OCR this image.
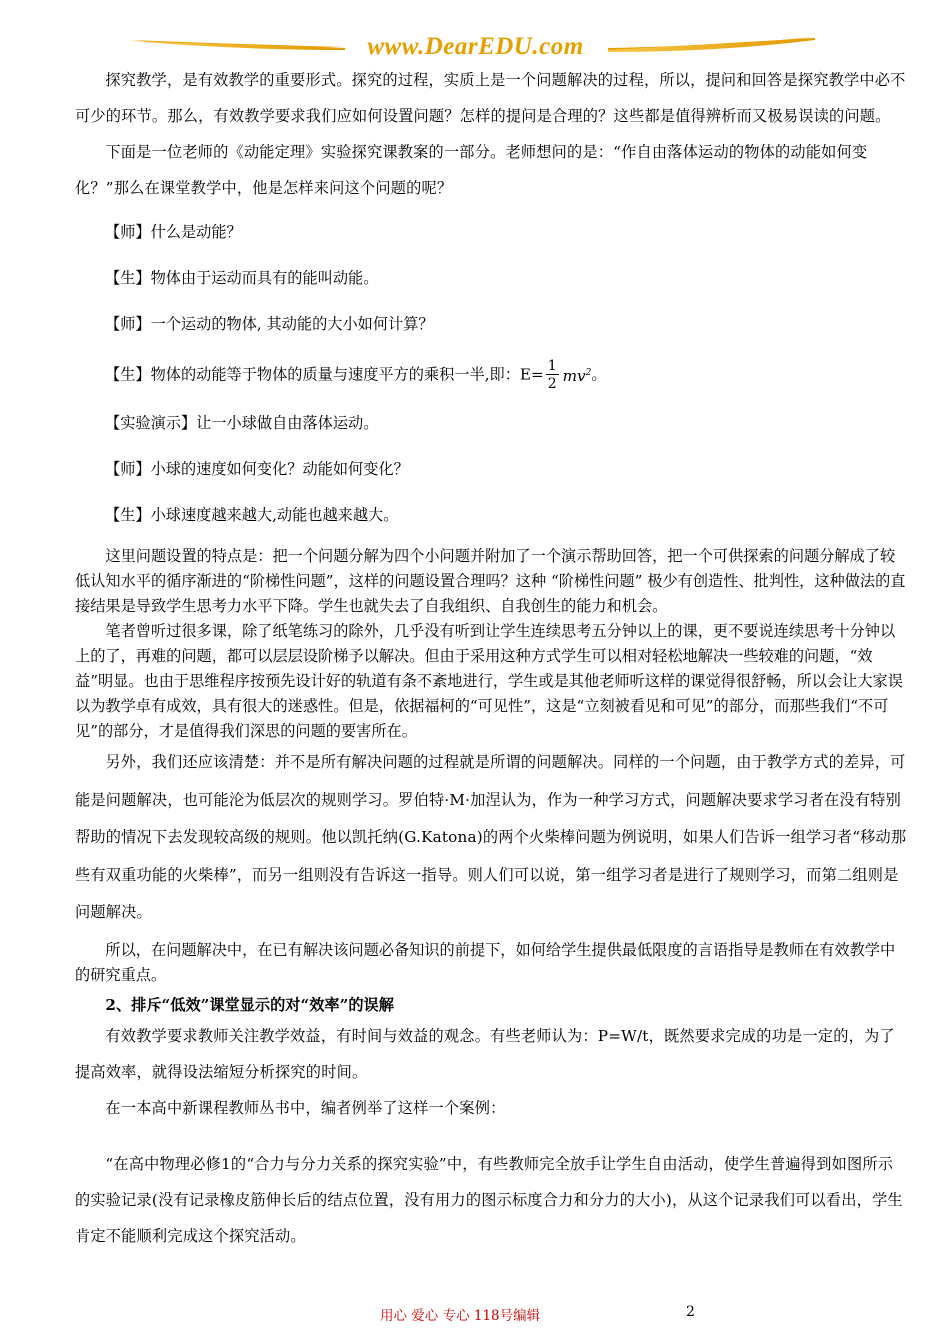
www.DearEDU.com

探究教学，是有效教学的重要形式。探究的过程，实质上是一个问题解决的过程，所以，提问和回答是探究教学中必不可少的环节。那么，有效教学要求我们应如何设置问题？怎样的提问是合理的？这些都是值得辨析而又极易误读的问题。

下面是一位老师的《动能定理》实验探究课教案的一部分。老师想问的是：“作自由落体运动的物体的动能如何变化？”那么在课堂教学中，他是怎样来问这个问题的呢？

【师】什么是动能？

【生】物体由于运动而具有的能叫动能。

【师】一个运动的物体, 其动能的大小如何计算？

【生】物体的动能等于物体的质量与速度平方的乘积一半,即：$E= \frac{1}{2} mv^2$。

【实验演示】让一小球做自由落体运动。

【师】小球的速度如何变化？动能如何变化？

【生】小球速度越来越大,动能也越来越大。

这里问题设置的特点是：把一个问题分解为四个小问题并附加了一个演示帮助回答，把一个可供探索的问题分解成了较低认知水平的循序渐进的“阶梯性问题”，这样的问题设置合理吗？这种 “阶梯性问题” 极少有创造性、批判性，这种做法的直接结果是导致学生思考力水平下降。学生也就失去了自我组织、自我创生的能力和机会。

笔者曾听过很多课，除了纸笔练习的除外，几乎没有听到让学生连续思考五分钟以上的课，更不要说连续思考十分钟以上的了，再难的问题，都可以层层设阶梯予以解决。但由于采用这种方式学生可以相对轻松地解决一些较难的问题，“效益”明显。也由于思维程序按预先设计好的轨道有条不紊地进行，学生或是其他老师听这样的课觉得很舒畅，所以会让大家误以为教学卓有成效，具有很大的迷惑性。但是，依据福柯的“可见性”，这是“立刻被看见和可见”的部分，而那些我们“不可见”的部分，才是值得我们深思的问题的要害所在。

另外，我们还应该清楚：并不是所有解决问题的过程就是所谓的问题解决。同样的一个问题，由于教学方式的差异，可能是问题解决，也可能沦为低层次的规则学习。罗伯特·M·加涅认为，作为一种学习方式，问题解决要求学习者在没有特别帮助的情况下去发现较高级的规则。他以凯托纳(G.Katona)的两个火柴棒问题为例说明，如果人们告诉一组学习者“移动那些有双重功能的火柴棒”，而另一组则没有告诉这一指导。则人们可以说，第一组学习者是进行了规则学习，而第二组则是问题解决。

所以，在问题解决中，在已有解决该问题必备知识的前提下，如何给学生提供最低限度的言语指导是教师在有效教学中的研究重点。

2、排斥“低效”课堂显示的对“效率”的误解

有效教学要求教师关注教学效益，有时间与效益的观念。有些老师认为：P=W/t，既然要求完成的功是一定的，为了提高效率，就得设法缩短分析探究的时间。

在一本高中新课程教师丛书中，编者例举了这样一个案例：

“在高中物理必修1的“合力与分力关系的探究实验”中，有些教师完全放手让学生自由活动，使学生普遍得到如图所示的实验记录(没有记录橡皮筋伸长后的结点位置，没有用力的图示标度合力和分力的大小)，从这个记录我们可以看出，学生肯定不能顺利完成这个探究活动。

用心 爱心 专心 118号编辑	2
